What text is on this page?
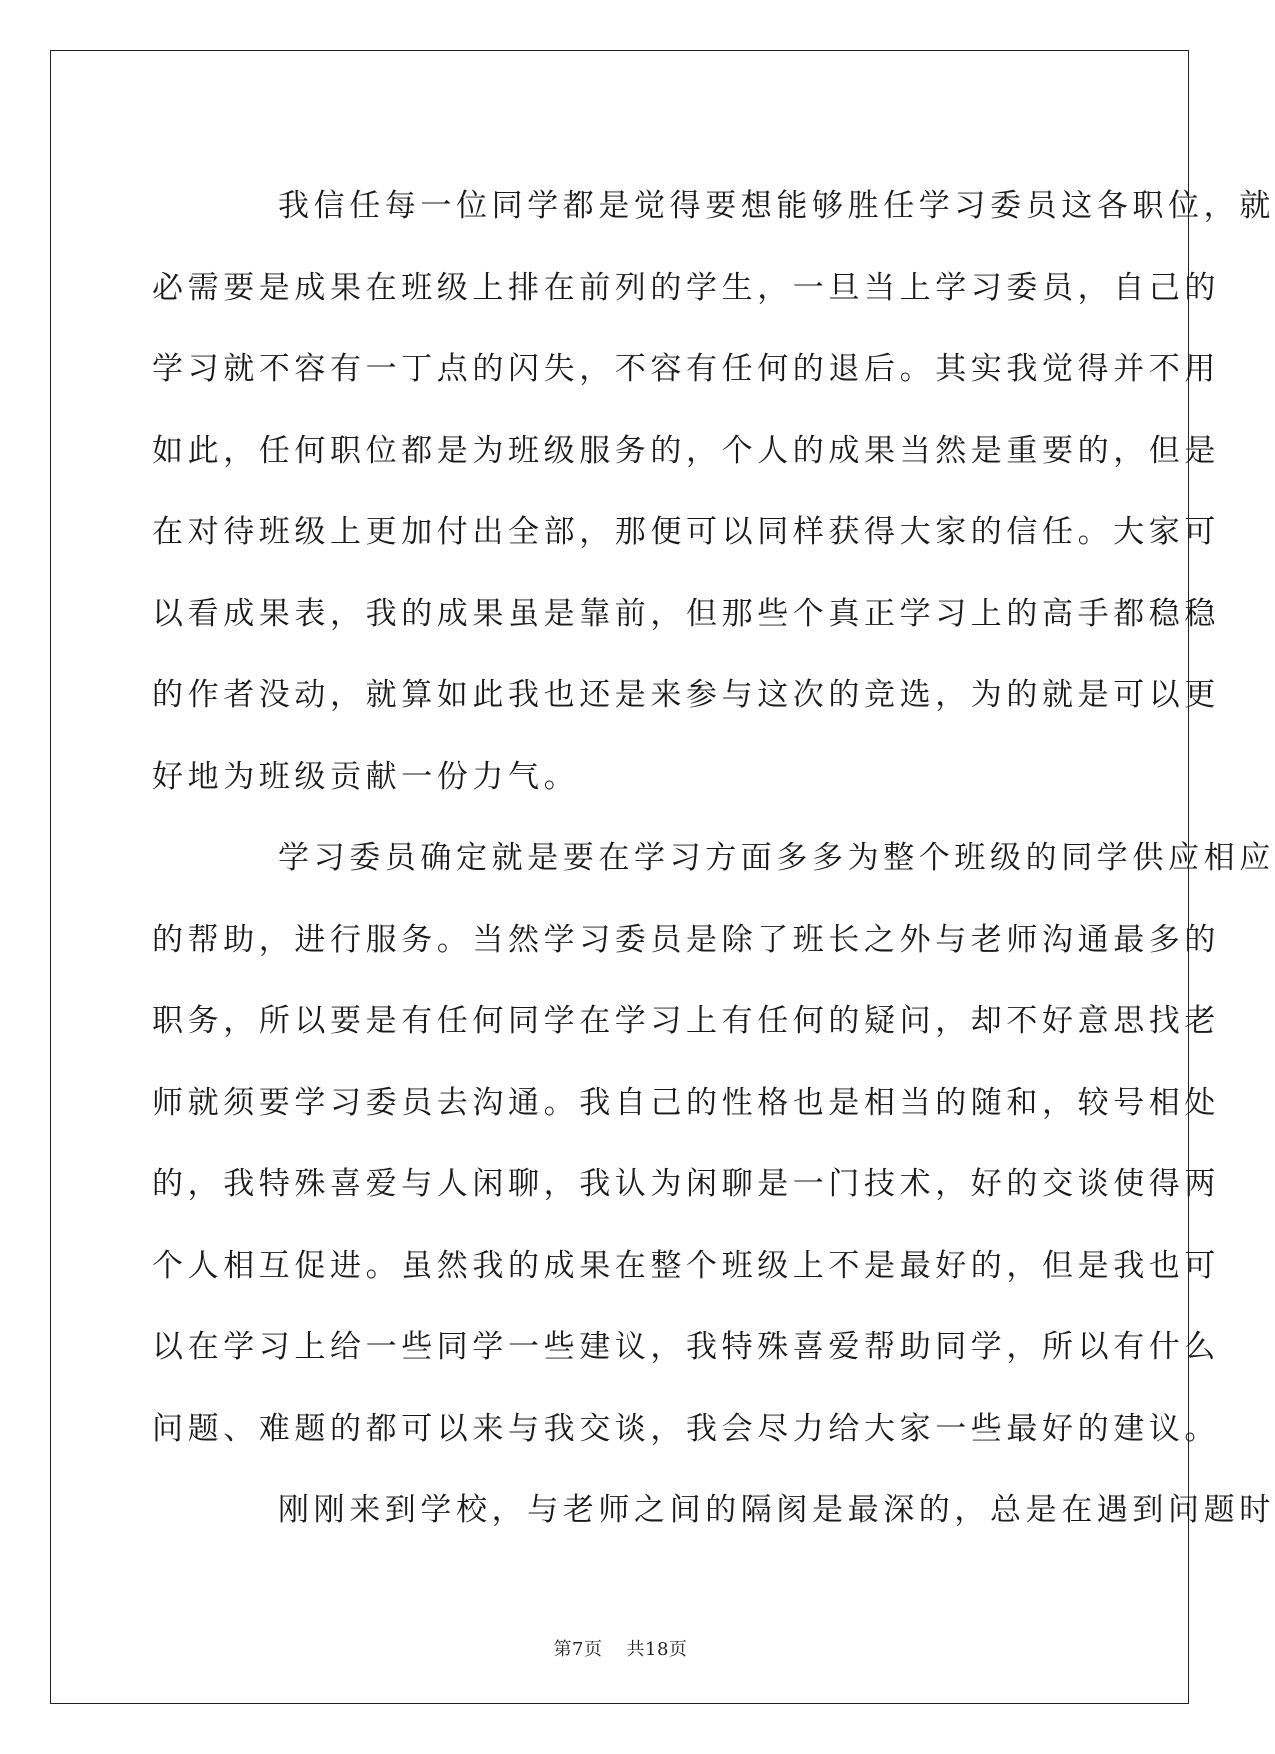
我信任每一位同学都是觉得要想能够胜任学习委员这各职位，就
必需要是成果在班级上排在前列的学生，一旦当上学习委员，自己的
学习就不容有一丁点的闪失，不容有任何的退后。其实我觉得并不用
如此，任何职位都是为班级服务的，个人的成果当然是重要的，但是
在对待班级上更加付出全部，那便可以同样获得大家的信任。大家可
以看成果表，我的成果虽是靠前，但那些个真正学习上的高手都稳稳
的作者没动，就算如此我也还是来参与这次的竞选，为的就是可以更
好地为班级贡献一份力气。

学习委员确定就是要在学习方面多多为整个班级的同学供应相应
的帮助，进行服务。当然学习委员是除了班长之外与老师沟通最多的
职务，所以要是有任何同学在学习上有任何的疑问，却不好意思找老
师就须要学习委员去沟通。我自己的性格也是相当的随和，较号相处
的，我特殊喜爱与人闲聊，我认为闲聊是一门技术，好的交谈使得两
个人相互促进。虽然我的成果在整个班级上不是最好的，但是我也可
以在学习上给一些同学一些建议，我特殊喜爱帮助同学，所以有什么
问题、难题的都可以来与我交谈，我会尽力给大家一些最好的建议。

刚刚来到学校，与老师之间的隔阂是最深的，总是在遇到问题时

第7页 共18页
